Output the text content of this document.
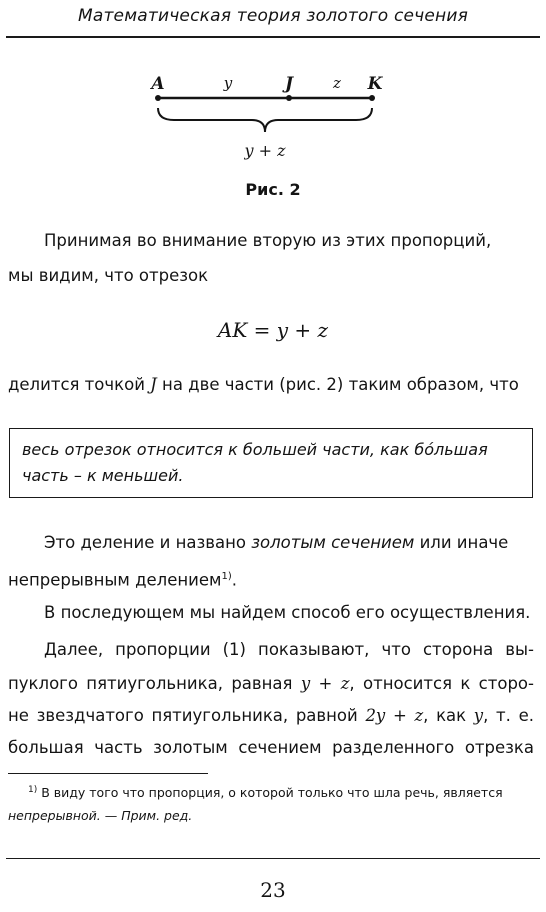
Математическая теория золотого сечения
A	y	J	z K
y + z
Рис. 2
Принимая во внимание вторую из этих пропорций,
мы видим, что отрезок
AK = y + z
делится точкой J на две части (рис. 2) таким образом, что
весь отрезок относится к большей части, как бóльшая
часть – к меньшей.
Это деление и названо золотым сечением или иначе
непрерывным делением$^{1)}$.
В последующем мы найдем способ его осуществления.
Далее, пропорции (1) показывают, что сторона вы-
пуклого пятиугольника, равная y + z, относится к сторо-
не звездчатого пятиугольника, равной 2y + z, как y, т. е.
большая часть золотым сечением разделенного отрезка
$^{1)}$ В виду того что пропорция, о которой только что шла речь, является
непрерывной. — Прим. ред.
23
